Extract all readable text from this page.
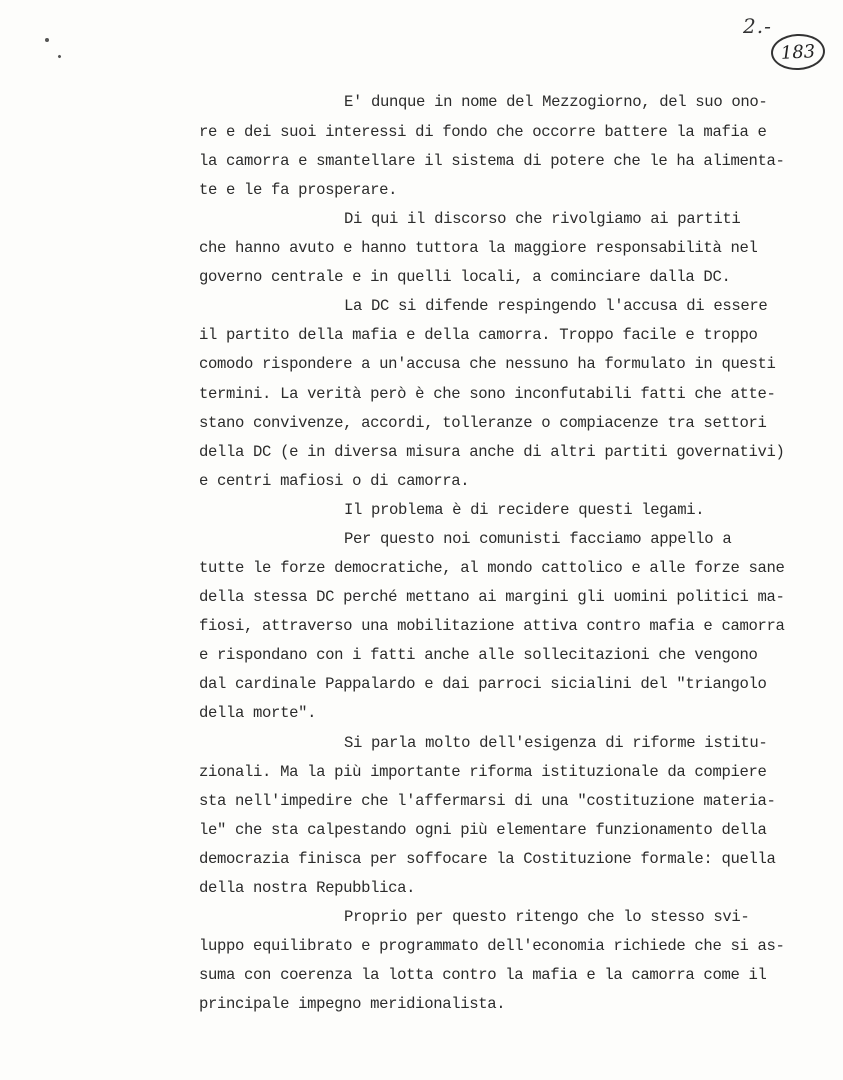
2.-
183
E' dunque in nome del Mezzogiorno, del suo ono-
re e dei suoi interessi di fondo che occorre battere la mafia e
la camorra e smantellare il sistema di potere che le ha alimenta-
te e le fa prosperare.
Di qui il discorso che rivolgiamo ai partiti
che hanno avuto e hanno tuttora la maggiore responsabilità nel
governo centrale e in quelli locali, a cominciare dalla DC.
La DC si difende respingendo l'accusa di essere
il partito della mafia e della camorra. Troppo facile e troppo
comodo rispondere a un'accusa che nessuno ha formulato in questi
termini. La verità però è che sono inconfutabili fatti che atte-
stano convivenze, accordi, tolleranze o compiacenze tra settori
della DC (e in diversa misura anche di altri partiti governativi)
e centri mafiosi o di camorra.
Il problema è di recidere questi legami.
Per questo noi comunisti facciamo appello a
tutte le forze democratiche, al mondo cattolico e alle forze sane
della stessa DC perché mettano ai margini gli uomini politici ma-
fiosi, attraverso una mobilitazione attiva contro mafia e camorra
e rispondano con i fatti anche alle sollecitazioni che vengono
dal cardinale Pappalardo e dai parroci sicialini del "triangolo
della morte".
Si parla molto dell'esigenza di riforme istitu-
zionali. Ma la più importante riforma istituzionale da compiere
sta nell'impedire che l'affermarsi di una "costituzione materia-
le" che sta calpestando ogni più elementare funzionamento della
democrazia finisca per soffocare la Costituzione formale: quella
della nostra Repubblica.
Proprio per questo ritengo che lo stesso svi-
luppo equilibrato e programmato dell'economia richiede che si as-
suma con coerenza la lotta contro la mafia e la camorra come il
principale impegno meridionalista.
